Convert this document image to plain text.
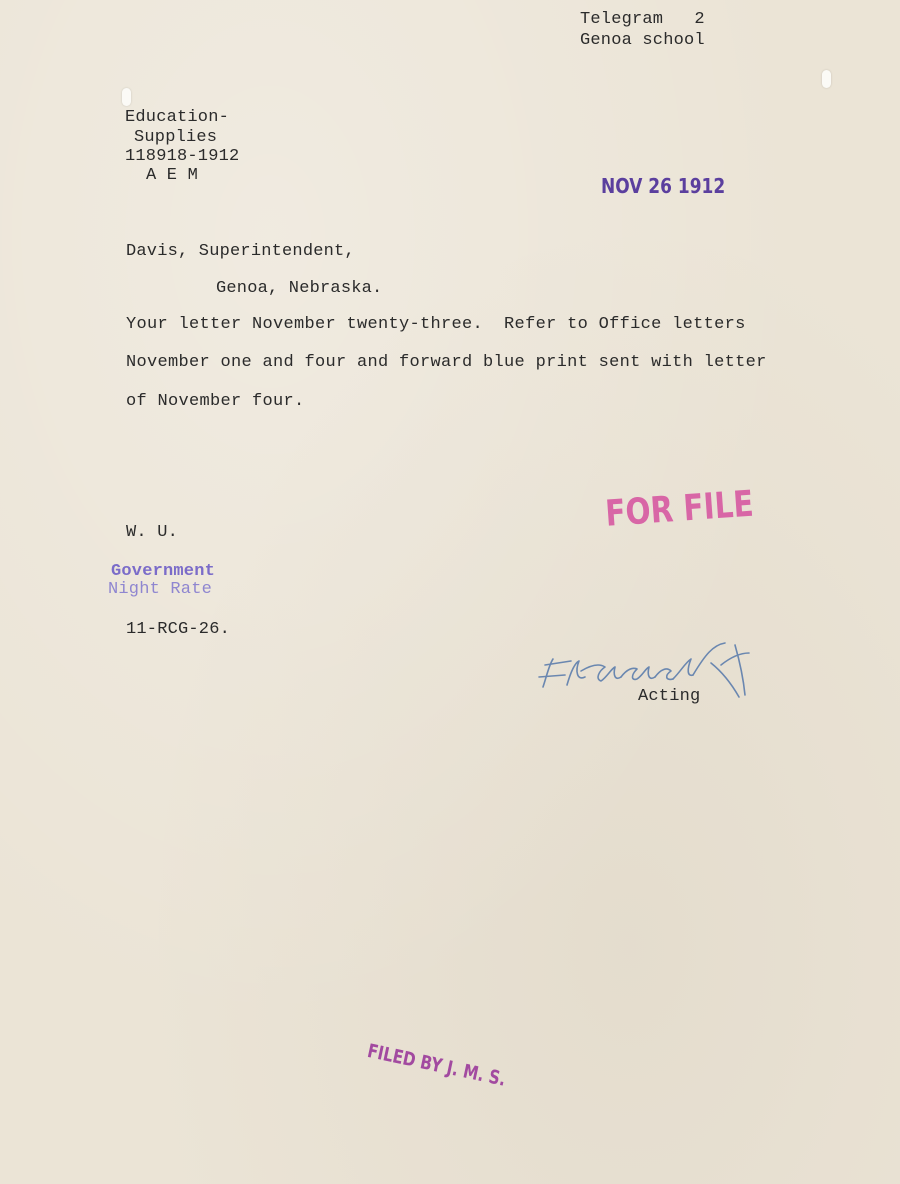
Telegram   2
Genoa school
Education-
Supplies
118918-1912
A E M	NOV 26 1912
Davis, Superintendent,
Genoa, Nebraska.
Your letter November twenty-three.  Refer to Office letters
November one and four and forward blue print sent with letter
of November four.
FOR FILE
W. U.
Government
Night Rate
11-RCG-26.
Acting
FILED BY J. M. S.
